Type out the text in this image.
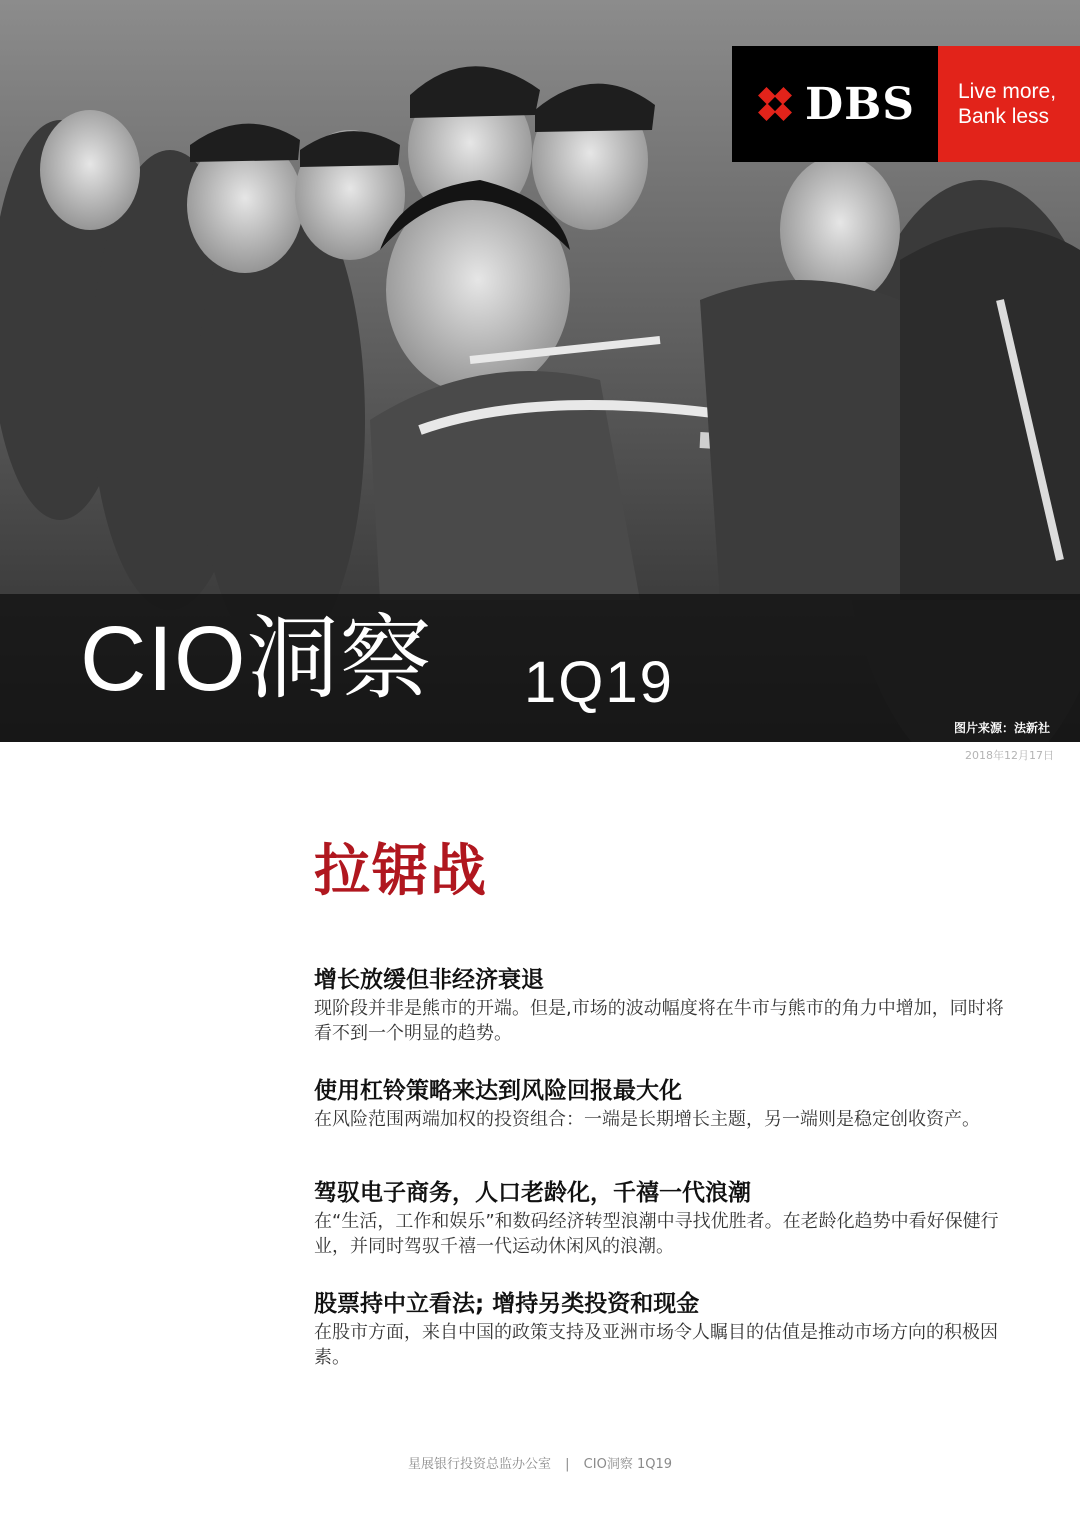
DBS Live more,
Bank less
CIO洞察 1Q19
图片来源：法新社
2018年12月17日
拉锯战
增长放缓但非经济衰退
现阶段并非是熊市的开端。但是,市场的波动幅度将在牛市与熊市的角力中增加，同时将看不到一个明显的趋势。
使用杠铃策略来达到风险回报最大化
在风险范围两端加权的投资组合：一端是长期增长主题，另一端则是稳定创收资产。
驾驭电子商务，人口老龄化，千禧一代浪潮
在“生活，工作和娱乐”和数码经济转型浪潮中寻找优胜者。在老龄化趋势中看好保健行业，并同时驾驭千禧一代运动休闲风的浪潮。
股票持中立看法; 增持另类投资和现金
在股市方面，来自中国的政策支持及亚洲市场令人瞩目的估值是推动市场方向的积极因素。
星展银行投资总监办公室 | CIO洞察 1Q19
